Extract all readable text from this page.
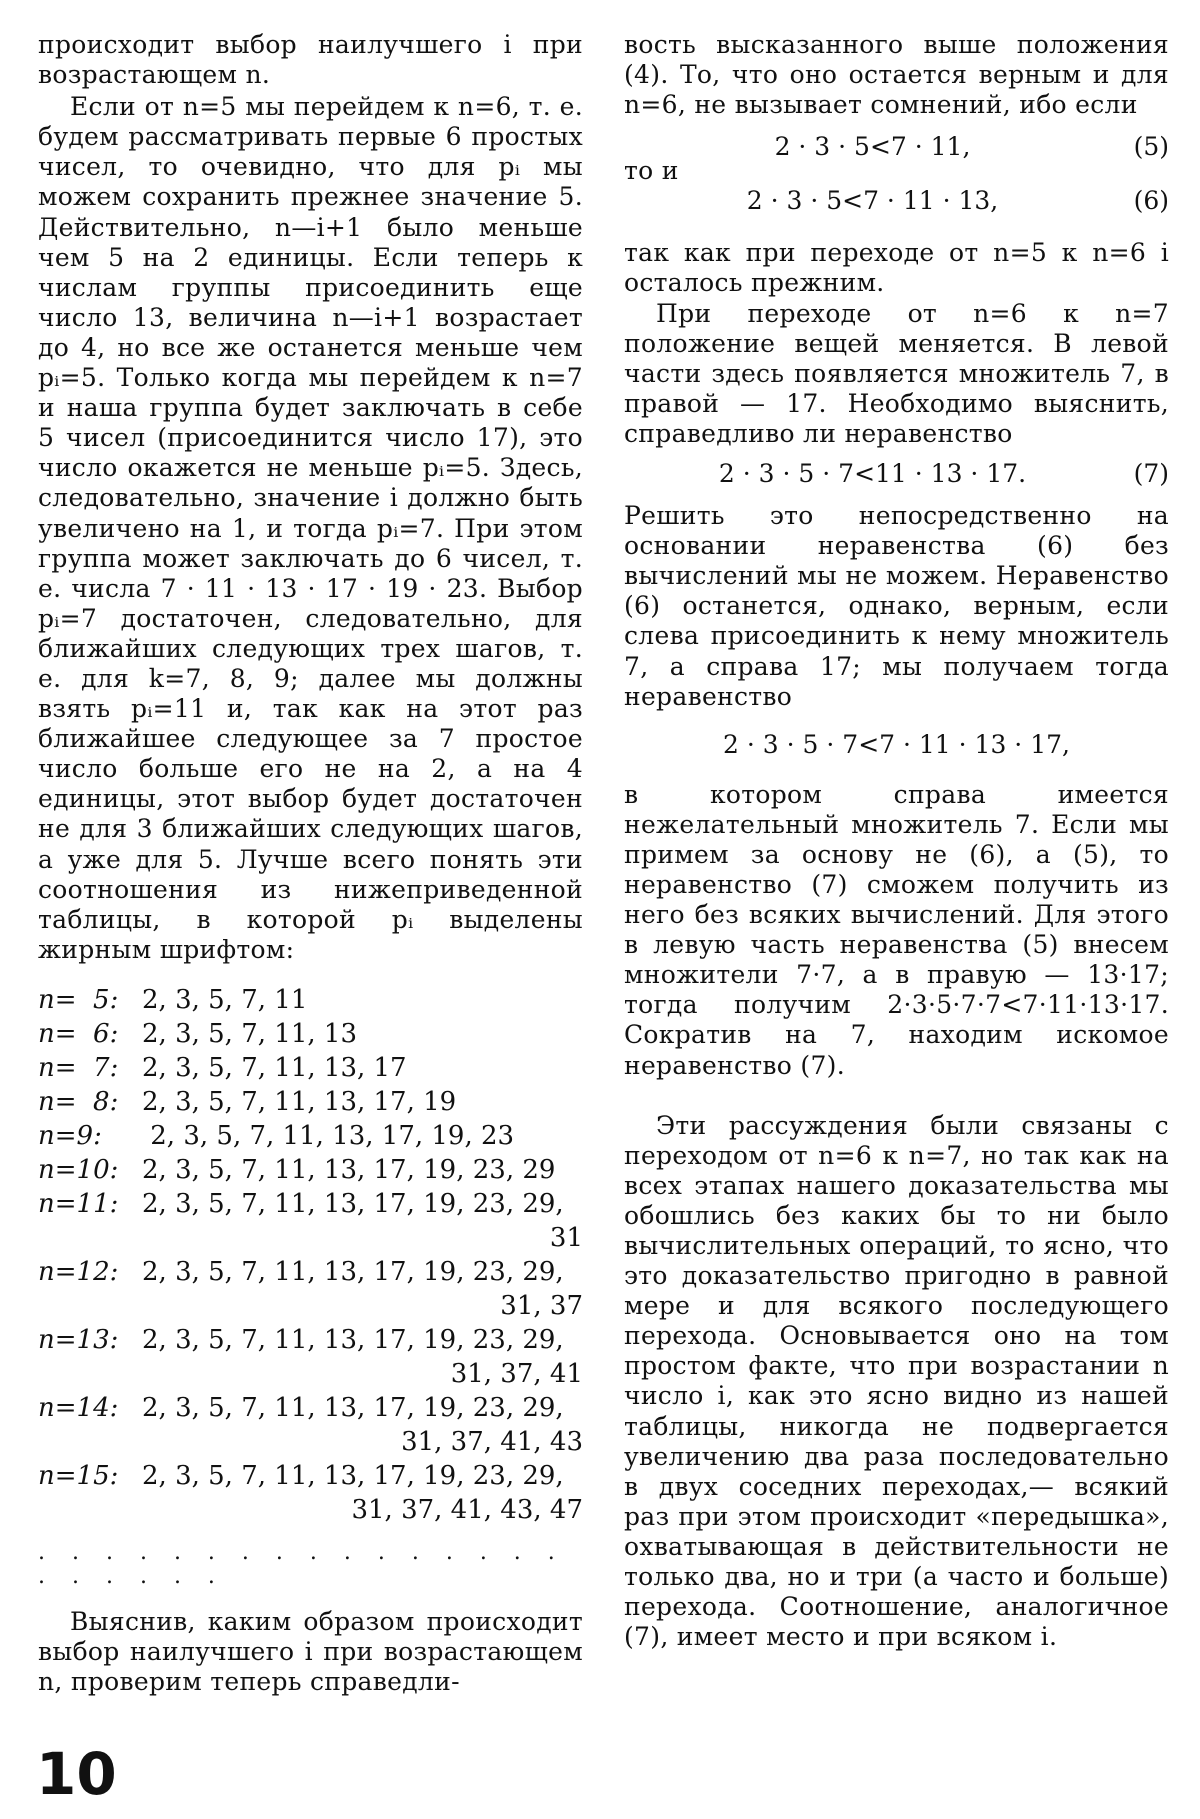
происходит выбор наилучшего i при возрастающем n.

Если от n=5 мы перейдем к n=6, т. е. будем рассматривать первые 6 простых чисел, то очевидно, что для pᵢ мы можем сохранить прежнее значение 5. Действительно, n—i+1 было меньше чем 5 на 2 единицы. Если теперь к числам группы присоединить еще число 13, величина n—i+1 возрастает до 4, но все же останется меньше чем pᵢ=5. Только когда мы перейдем к n=7 и наша группа будет заключать в себе 5 чисел (присоединится число 17), это число окажется не меньше pᵢ=5. Здесь, следовательно, значение i должно быть увеличено на 1, и тогда pᵢ=7. При этом группа может заключать до 6 чисел, т. е. числа 7 · 11 · 13 · 17 · 19 · 23. Выбор pᵢ=7 достаточен, следовательно, для ближайших следующих трех шагов, т. е. для k=7, 8, 9; далее мы должны взять pᵢ=11 и, так как на этот раз ближайшее следующее за 7 простое число больше его не на 2, а на 4 единицы, этот выбор будет достаточен не для 3 ближайших следующих шагов, а уже для 5. Лучше всего понять эти соотношения из нижеприведенной таблицы, в которой pᵢ выделены жирным шрифтом:

n=  5: 2, 3, 5, 7, 11
n=  6: 2, 3, 5, 7, 11, 13
n=  7: 2, 3, 5, 7, 11, 13, 17
n=  8: 2, 3, 5, 7, 11, 13, 17, 19
n=9:	2, 3, 5, 7, 11, 13, 17, 19, 23
n=10: 2, 3, 5, 7, 11, 13, 17, 19, 23, 29
n=11: 2, 3, 5, 7, 11, 13, 17, 19, 23, 29,
31
n=12: 2, 3, 5, 7, 11, 13, 17, 19, 23, 29,
31, 37
n=13: 2, 3, 5, 7, 11, 13, 17, 19, 23, 29,
31, 37, 41
n=14: 2, 3, 5, 7, 11, 13, 17, 19, 23, 29,
31, 37, 41, 43
n=15: 2, 3, 5, 7, 11, 13, 17, 19, 23, 29,
31, 37, 41, 43, 47
. . . . . . . . . . . . . . . . . . . . . .

Выяснив, каким образом происходит выбор наилучшего i при возрастающем n, проверим теперь справедли-

вость высказанного выше положения (4). То, что оно остается верным и для n=6, не вызывает сомнений, ибо если

2 · 3 · 5<7 · 11,	(5)

то и

2 · 3 · 5<7 · 11 · 13,	(6)

так как при переходе от n=5 к n=6 i осталось прежним.

При переходе от n=6 к n=7 положение вещей меняется. В левой части здесь появляется множитель 7, в правой — 17. Необходимо выяснить, справедливо ли неравенство

2 · 3 · 5 · 7<11 · 13 · 17.	(7)

Решить это непосредственно на основании неравенства (6) без вычислений мы не можем. Неравенство (6) останется, однако, верным, если слева присоединить к нему множитель 7, а справа 17; мы получаем тогда неравенство

2 · 3 · 5 · 7<7 · 11 · 13 · 17,

в котором справа имеется нежелательный множитель 7. Если мы примем за основу не (6), а (5), то неравенство (7) сможем получить из него без всяких вычислений. Для этого в левую часть неравенства (5) внесем множители 7·7, а в правую — 13·17; тогда получим 2·3·5·7·7<7·11·13·17. Сократив на 7, находим искомое неравенство (7).

Эти рассуждения были связаны с переходом от n=6 к n=7, но так как на всех этапах нашего доказательства мы обошлись без каких бы то ни было вычислительных операций, то ясно, что это доказательство пригодно в равной мере и для всякого последующего перехода. Основывается оно на том простом факте, что при возрастании n число i, как это ясно видно из нашей таблицы, никогда не подвергается увеличению два раза последовательно в двух соседних переходах,— всякий раз при этом происходит «передышка», охватывающая в действительности не только два, но и три (а часто и больше) перехода. Соотношение, аналогичное (7), имеет место и при всяком i.

10
